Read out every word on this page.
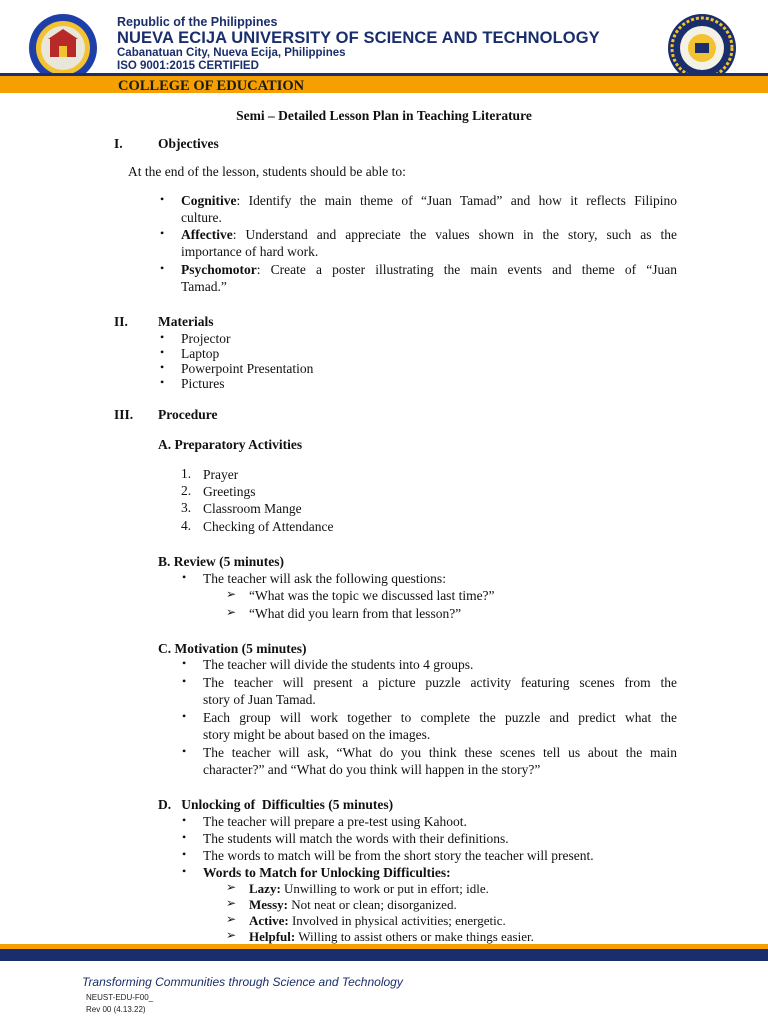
Republic of the Philippines
NUEVA ECIJA UNIVERSITY OF SCIENCE AND TECHNOLOGY
Cabanatuan City, Nueva Ecija, Philippines
ISO 9001:2015 CERTIFIED
COLLEGE OF EDUCATION
Semi – Detailed Lesson Plan in Teaching Literature
I.	Objectives
At the end of the lesson, students should be able to:
• Cognitive: Identify the main theme of “Juan Tamad” and how it reflects Filipino
culture.
• Affective: Understand and appreciate the values shown in the story, such as the
importance of hard work.
• Psychomotor: Create a poster illustrating the main events and theme of “Juan
Tamad.”
II. Materials
• Projector
• Laptop
• Powerpoint Presentation
• Pictures
III. Procedure
A. Preparatory Activities
1. Prayer
2. Greetings
3. Classroom Mange
4. Checking of Attendance
B. Review (5 minutes)
• The teacher will ask the following questions:
➢ “What was the topic we discussed last time?”
➢ “What did you learn from that lesson?”
C. Motivation (5 minutes)
• The teacher will divide the students into 4 groups.
• The teacher will present a picture puzzle activity featuring scenes from the
story of Juan Tamad.
• Each group will work together to complete the puzzle and predict what the
story might be about based on the images.
• The teacher will ask, “What do you think these scenes tell us about the main
character?” and “What do you think will happen in the story?”
D.   Unlocking of  Difficulties (5 minutes)
• The teacher will prepare a pre-test using Kahoot.
• The students will match the words with their definitions.
• The words to match will be from the short story the teacher will present.
• Words to Match for Unlocking Difficulties:
➢ Lazy: Unwilling to work or put in effort; idle.
➢ Messy: Not neat or clean; disorganized.
➢ Active: Involved in physical activities; energetic.
➢ Helpful: Willing to assist others or make things easier.
Transforming Communities through Science and Technology
NEUST-EDU-F00_
Rev 00 (4.13.22)
